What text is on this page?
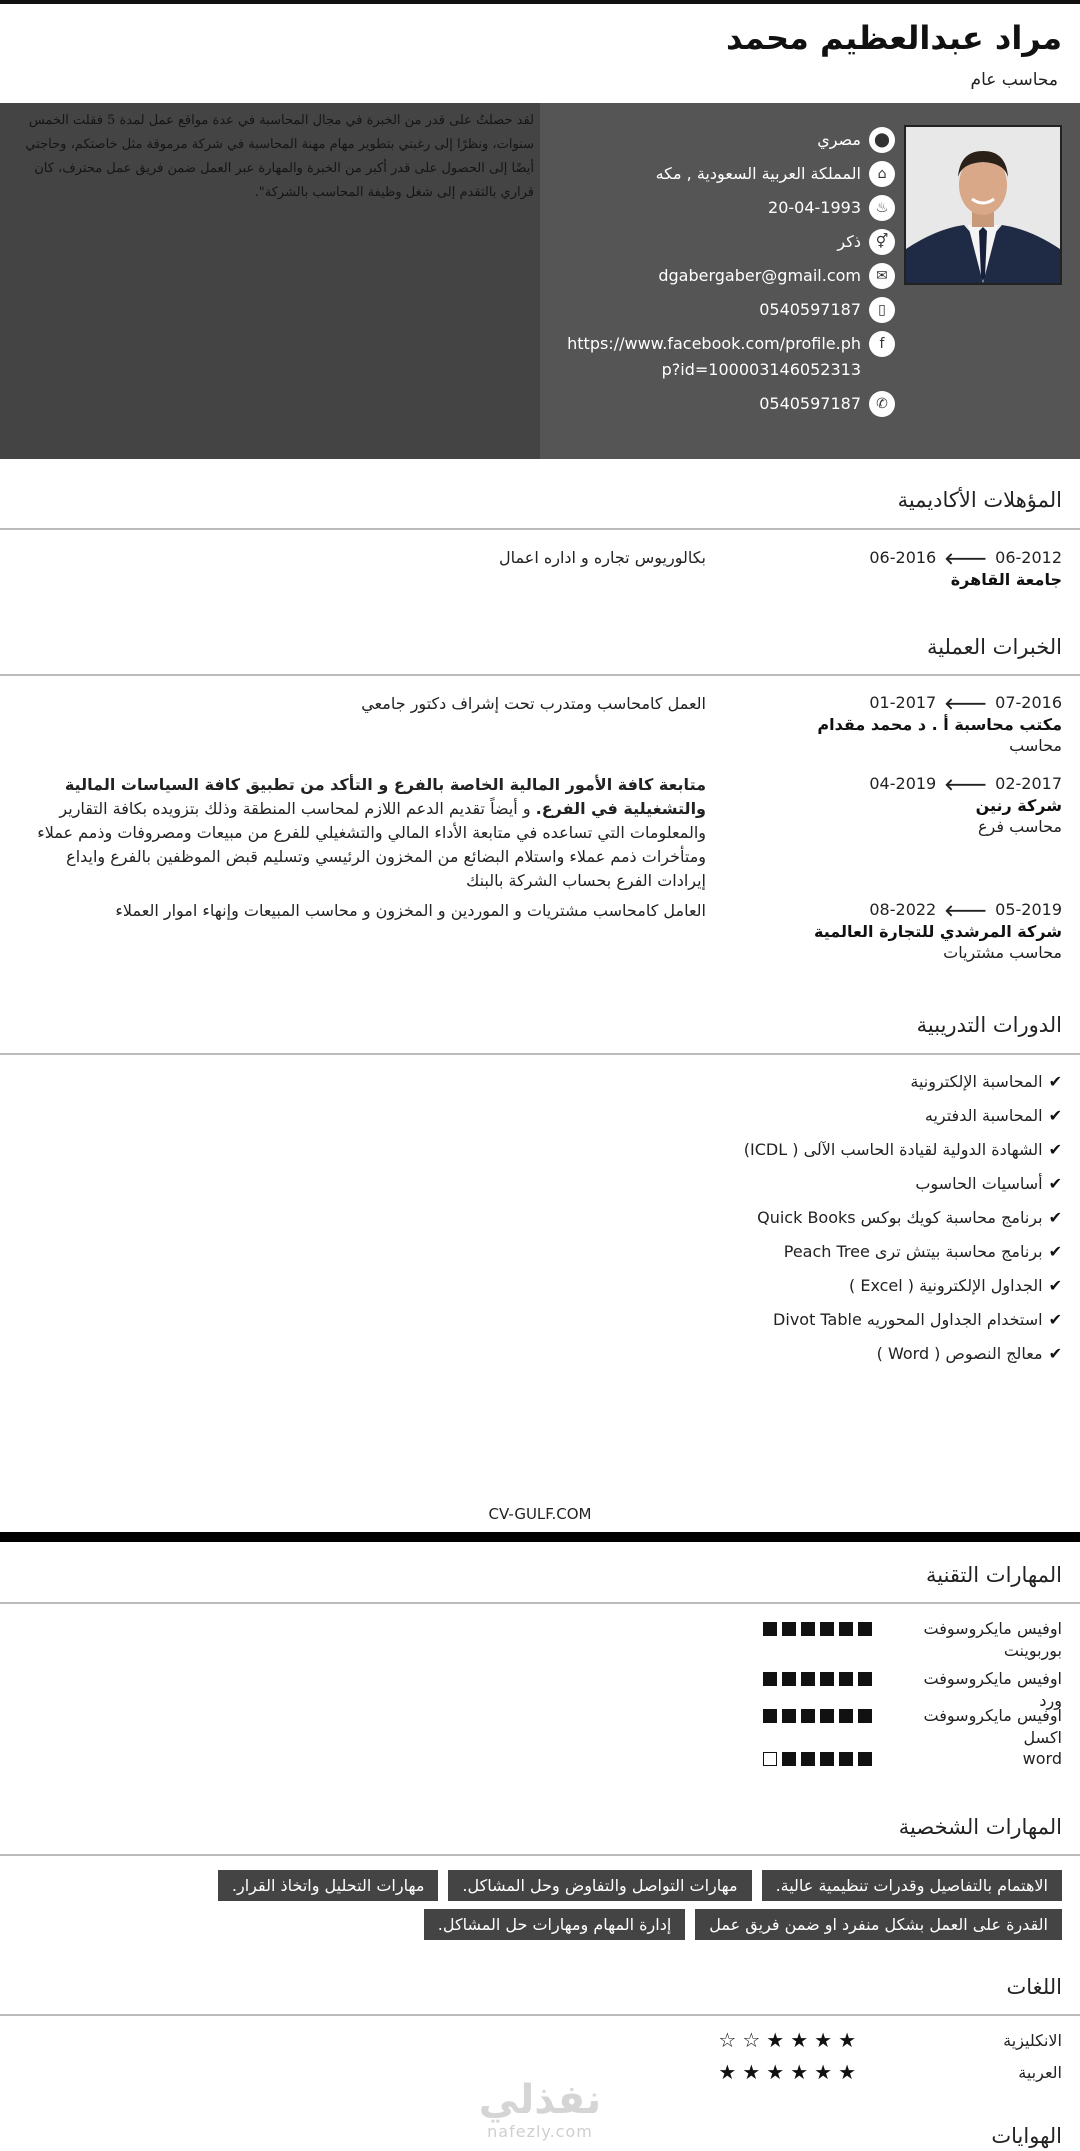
مراد عبدالعظيم محمد
محاسب عام
⬤
مصري
⌂
المملكة العربية السعودية , مكه
♨
20-04-1993
⚥
ذكر
✉
dgabergaber@gmail.com
▯
0540597187
f
https://www.facebook.com/profile.php?id=100003146052313
✆
0540597187
لقد حصلتُ على قدر من الخبرة في مجال المحاسبة في عدة مواقع عمل لمدة 5 فقلت الخمس سنوات، ونظرًا إلى رغبتي بتطوير مهام مهنة المحاسبة في شركة مرموقة مثل خاصتكم، وحاجتي أيضًا إلى الحصول على قدر أكبر من الخبرة والمهارة عبر العمل ضمن فريق عمل محترف، كان قراري بالتقدم إلى شغل وظيفة المحاسب بالشركة".
المؤهلات الأكاديمية
06-2012
🡐
06-2016
جامعة القاهرة
بكالوريوس تجاره و اداره اعمال
الخبرات العملية
07-2016
🡐
01-2017
مكتب محاسبة أ . د محمد مقدام
محاسب
العمل كامحاسب ومتدرب تحت إشراف دكتور جامعي
02-2017
🡐
04-2019
شركة رنين
محاسب فرع
متابعة كافة الأمور المالية الخاصة بالفرع و التأكد من تطبيق كافة السياسات المالية والتشغيلية في الفرع. و أيضاً تقديم الدعم اللازم لمحاسب المنطقة وذلك بتزويده بكافة التقارير والمعلومات التي تساعده في متابعة الأداء المالي والتشغيلي للفرع من مبيعات ومصروفات وذمم عملاء ومتأخرات ذمم عملاء واستلام البضائع من المخزون الرئيسي وتسليم قبض الموظفين بالفرع وايداع إيرادات الفرع بحساب الشركة بالبنك
05-2019
🡐
08-2022
شركة المرشدي للتجارة العالمية
محاسب مشتريات
العامل كامحاسب مشتريات و الموردين و المخزون و محاسب المبيعات وإنهاء اموار العملاء
الدورات التدريبية
✔
المحاسبة الإلكترونية
✔
المحاسبة الدفتريه
✔
الشهادة الدولية لقيادة الحاسب الآلى ( ICDL)
✔
أساسيات الحاسوب
✔
برنامج محاسبة كويك بوكس Quick Books
✔
برنامج محاسبة بيتش ترى Peach Tree
✔
الجداول الإلكترونية ( Excel )
✔
استخدام الجداول المحوريه Divot Table
✔
معالج النصوص ( Word )
CV-GULF.COM
المهارات التقنية
اوفيس مايكروسوفت بوربوينت
اوفيس مايكروسوفت ورد
اوفيس مايكروسوفت اكسل
word
المهارات الشخصية
الاهتمام بالتفاصيل وقدرات تنظيمية عالية.مهارات التواصل والتفاوض وحل المشاكل.مهارات التحليل واتخاذ القرار.
القدرة على العمل بشكل منفرد او ضمن فريق عملإدارة المهام ومهارات حل المشاكل.
اللغات
الانكليزية
★
★
★
★
☆
☆
العربية
★
★
★
★
★
★
نفذلي
nafezly.com	الهوايات
